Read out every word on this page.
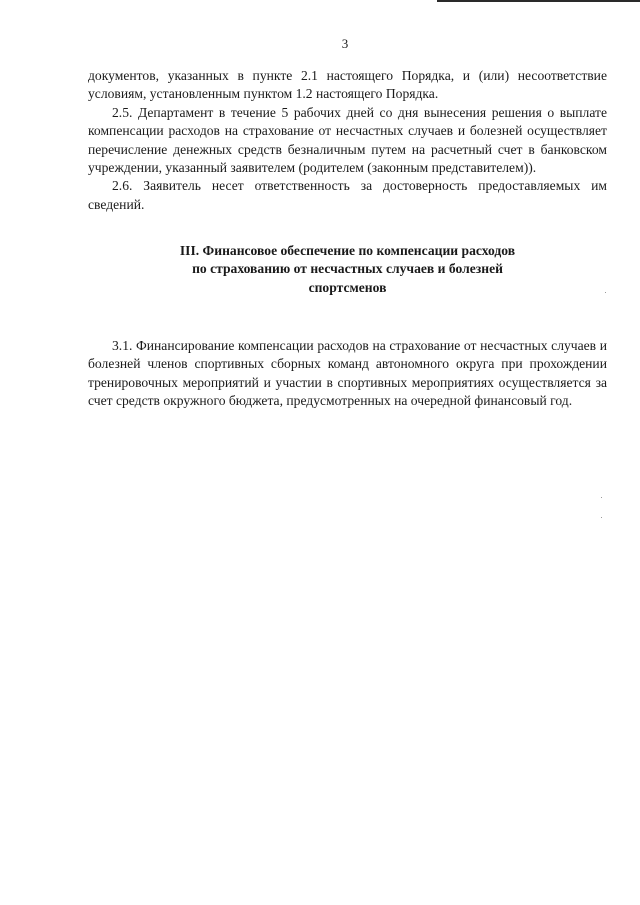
3

документов, указанных в пункте 2.1 настоящего Порядка, и (или) несоответствие условиям, установленным пунктом 1.2 настоящего Порядка.

2.5. Департамент в течение 5 рабочих дней со дня вынесения решения о выплате компенсации расходов на страхование от несчастных случаев и болезней осуществляет перечисление денежных средств безналичным путем на расчетный счет в банковском учреждении, указанный заявителем (родителем (законным представителем)).

2.6. Заявитель несет ответственность за достоверность предоставляемых им сведений.

III. Финансовое обеспечение по компенсации расходов
по страхованию от несчастных случаев и болезней
спортсменов

3.1. Финансирование компенсации расходов на страхование от несчастных случаев и болезней членов спортивных сборных команд автономного округа при прохождении тренировочных мероприятий и участии в спортивных мероприятиях осуществляется за счет средств окружного бюджета, предусмотренных на очередной финансовый год.
